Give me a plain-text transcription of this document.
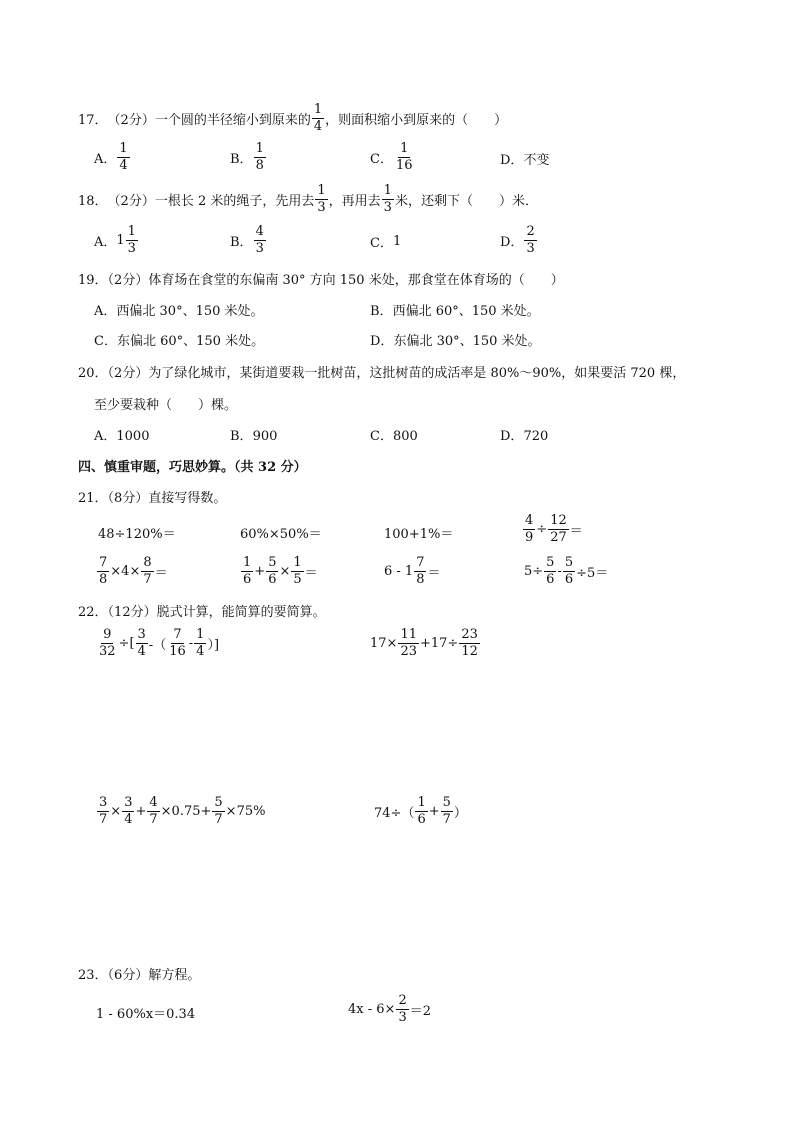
17． （2分） 一个圆的半径缩小到原来的 $\frac{1}{4}$ ，则面积缩小到原来的（　　）
A． $\frac{1}{4}$	B． $\frac{1}{8}$	C． $\frac{1}{16}$	D． 不变
18． （2分） 一根长 2 米的绳子，先用去 $\frac{1}{3}$ ，再用去 $\frac{1}{3}$ 米，还剩下（　　）米．
A． $1 \frac{1}{3}$	B． $\frac{4}{3}$	C． 1	D． $\frac{2}{3}$
19．（2分）体育场在食堂的东偏南 30° 方向 150 米处，那食堂在体育场的（　　）
A．西偏北 30°、150 米处。	B．西偏北 60°、150 米处。
C．东偏北 60°、150 米处。	D．东偏北 30°、150 米处。
20．（2分）为了绿化城市，某街道要栽一批树苗，这批树苗的成活率是 80%～90%，如果要活 720 棵，
至少要栽种（　　）棵。
A．1000	B．900	C．800	D．720
四、慎重审题，巧思妙算。（共 32 分）
21．（8分）直接写得数。
48÷120%＝	60%×50%＝	100+1%＝	$\frac{4}{9} \div \frac{12}{27}$ ＝
$\frac{7}{8} \times 4\times \frac{8}{7}$ ＝	$\frac{1}{6} + \frac{5}{6} \times \frac{1}{5}$ ＝	$6 - 1 \frac{7}{8}$ ＝	$5\div \frac{5}{6} - \frac{5}{6} \div 5=$
22．（12分）脱式计算，能简算的要简算。
$\frac{9}{32}$ ÷[ $\frac{3}{4}$ -（ $\frac{7}{16} - \frac{1}{4}$ ）]	$17\times \frac{11}{23} +17\div \frac{23}{12}$
$\frac{3}{7} \times \frac{3}{4} + \frac{4}{7} \times 0.75+ \frac{5}{7} \times 75\%$	$74\div( \frac{1}{6} + \frac{5}{7}$ ）
23．（6分）解方程。
1 - 60%x＝0.34	$4x - 6\times \frac{2}{3} =2$
